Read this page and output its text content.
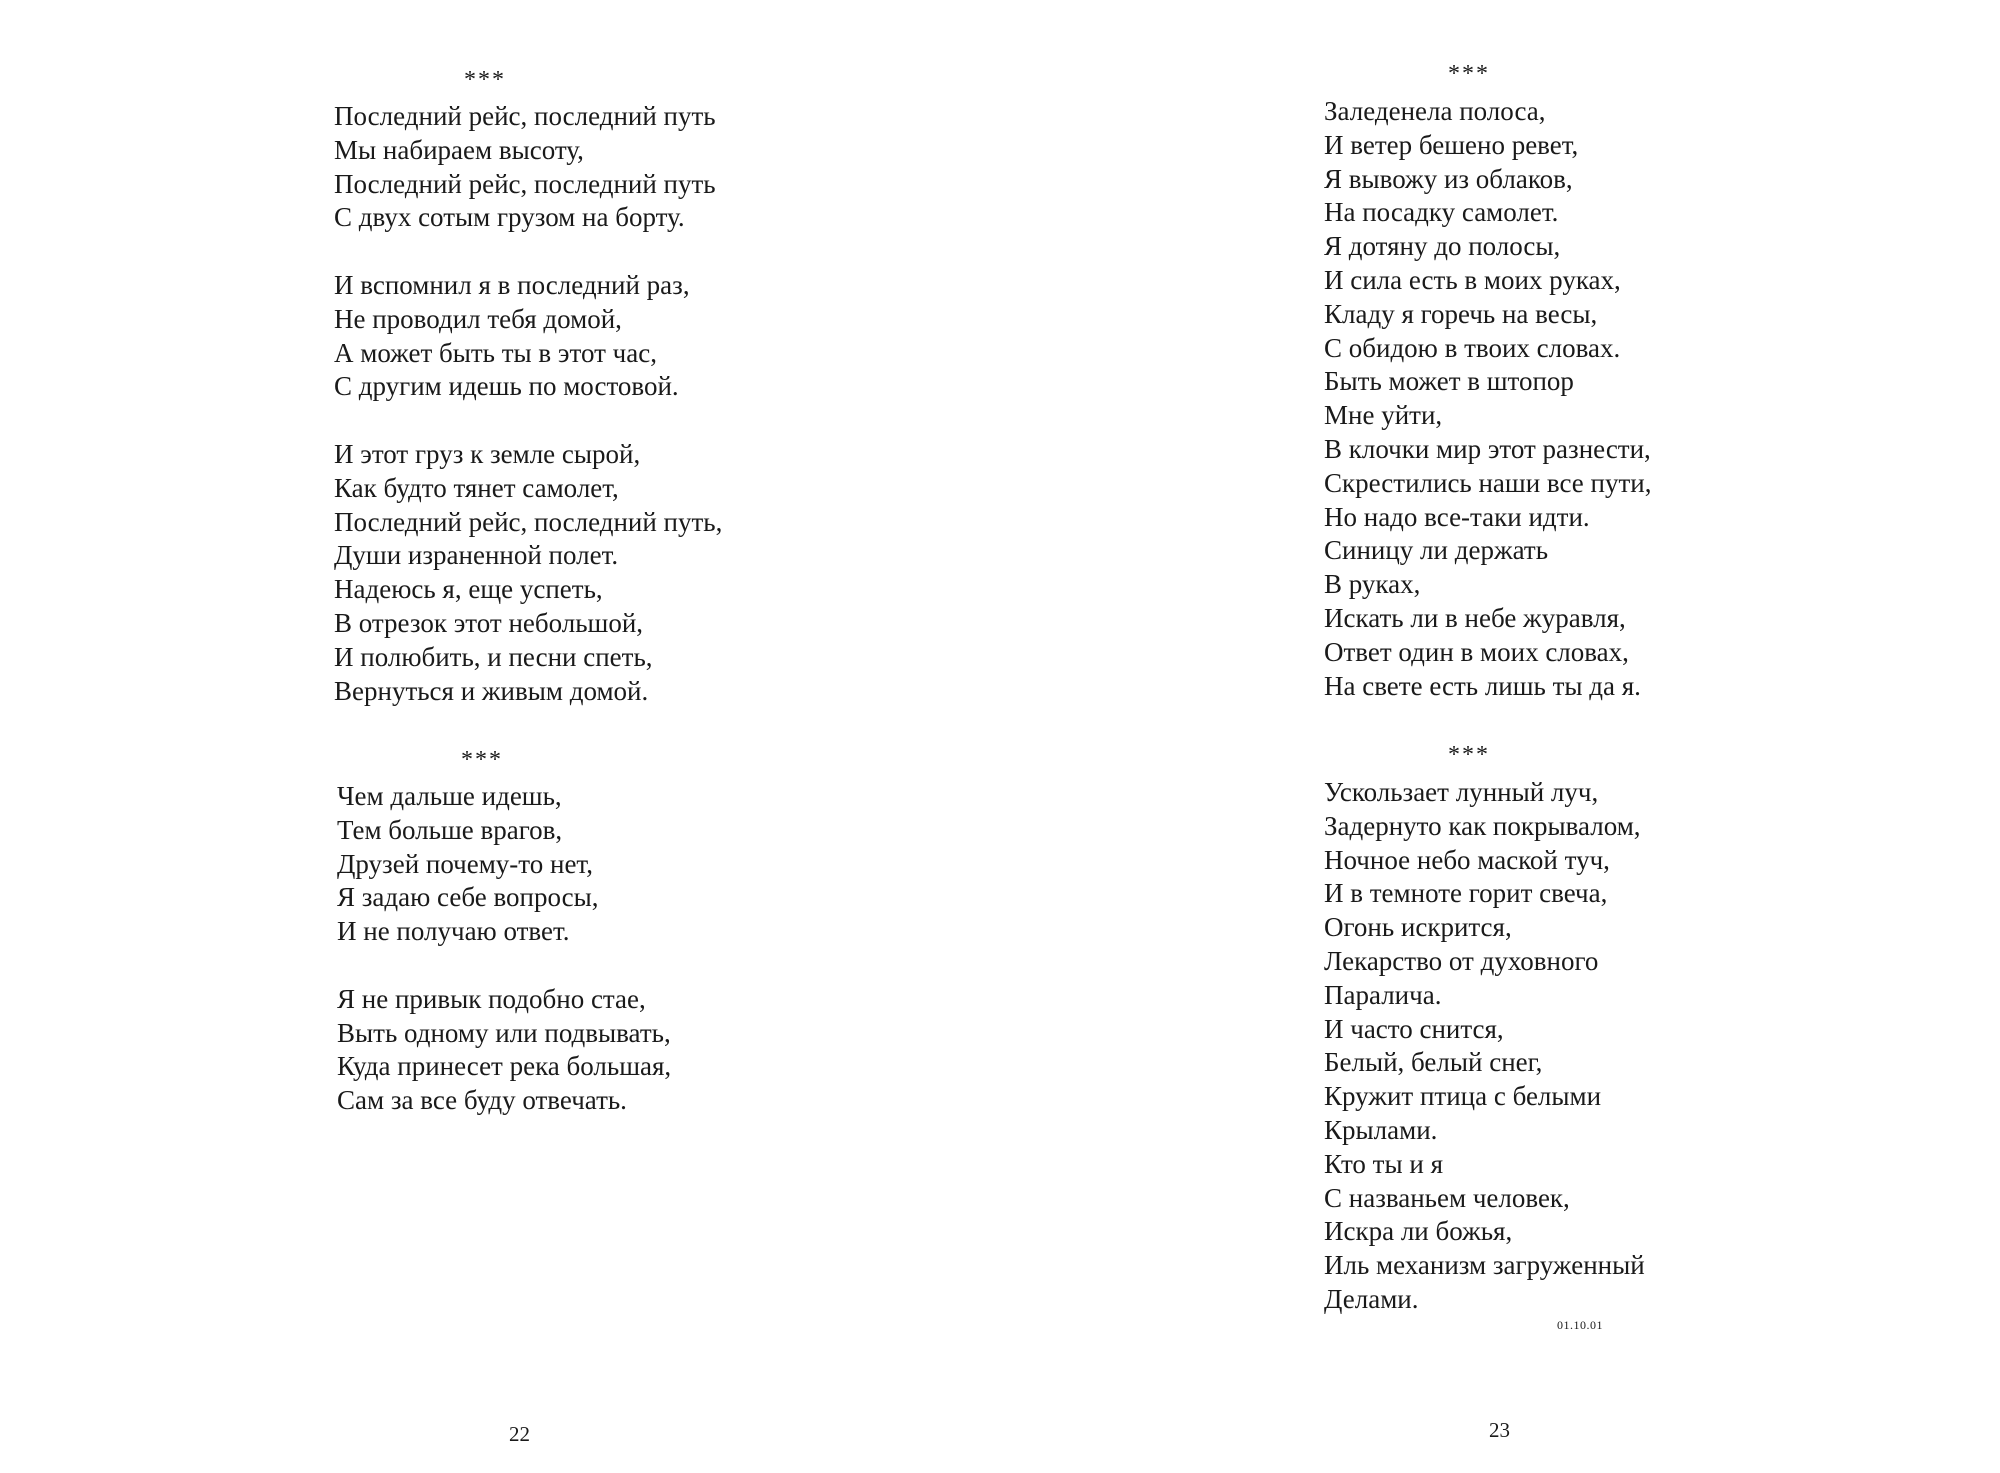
***
Последний рейс, последний путь
Мы набираем высоту,
Последний рейс, последний путь
С двух сотым грузом на борту.
И вспомнил я в последний раз,
Не проводил тебя домой,
А может быть ты в этот час,
С другим идешь по мостовой.
И этот груз к земле сырой,
Как будто тянет самолет,
Последний рейс, последний путь,
Души израненной полет.
Надеюсь я, еще успеть,
В отрезок этот небольшой,
И полюбить, и песни спеть,
Вернуться и живым домой.
***
Чем дальше идешь,
Тем больше врагов,
Друзей почему-то нет,
Я задаю себе вопросы,
И не получаю ответ.
Я не привык подобно стае,
Выть одному или подвывать,
Куда принесет река большая,
Сам за все буду отвечать.
22
***
Заледенела полоса,
И ветер бешено ревет,
Я вывожу из облаков,
На посадку самолет.
Я дотяну до полосы,
И сила есть в моих руках,
Кладу я горечь на весы,
С обидою в твоих словах.
Быть может в штопор
Мне уйти,
В клочки мир этот разнести,
Скрестились наши все пути,
Но надо все-таки идти.
Синицу ли держать
В руках,
Искать ли в небе журавля,
Ответ один в моих словах,
На свете есть лишь ты да я.
***
Ускользает лунный луч,
Задернуто как покрывалом,
Ночное небо маской туч,
И в темноте горит свеча,
Огонь искрится,
Лекарство от духовного
Паралича.
И часто снится,
Белый, белый снег,
Кружит птица с белыми
Крылами.
Кто ты и я
С названьем человек,
Искра ли божья,
Иль механизм загруженный
Делами.
01.10.01
23
